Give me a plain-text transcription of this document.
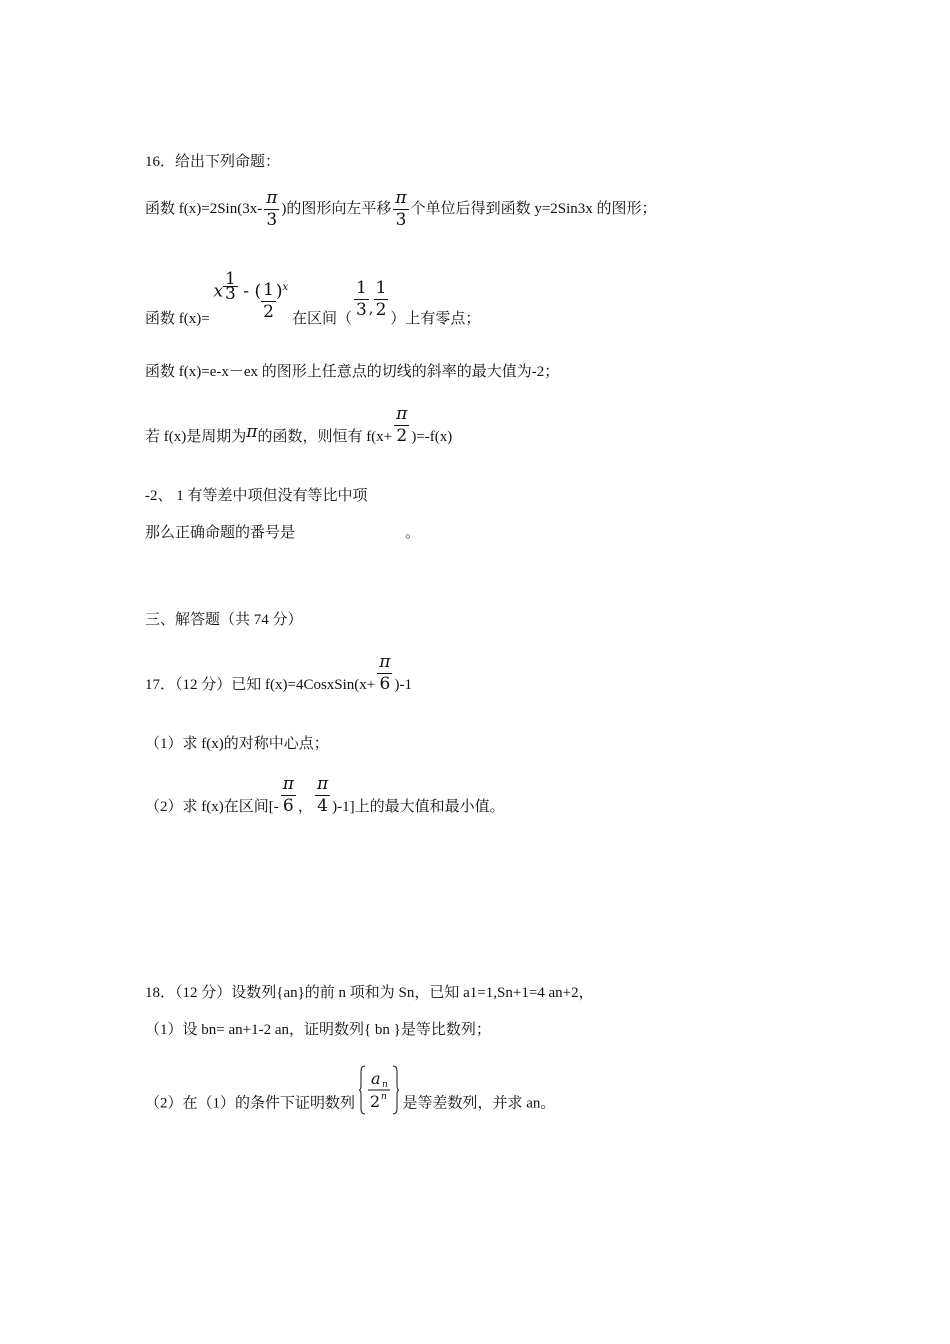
16．给出下列命题：
函数 $f(x)=2Sin(3x- \frac{\pi}{3}$ )的图形向左平移 $\frac{\pi}{3}$ 个单位后得到函数 y=2Sin3x 的图形；
函数 f(x)= x $\frac{1}{3}$ - ( $\frac{1}{2} )^x$ 在区间（ $\frac{1}{3}$ , $\frac{1}{2}$ ）上有零点；
函数 f(x)=e-x－ex 的图形上任意点的切线的斜率的最大值为-2；
若 f(x)是周期为π的函数，则恒有 $f(x+ \frac{\pi}{2} )=-f(x)$
-2、 1 有等差中项但没有等比中项
那么正确命题的番号是	。
三、解答题（共 74 分）
17．（12 分）已知 f(x)=4CosxSin(x+ $\frac{\pi}{6} )-1$
（1）求 f(x)的对称中心点；
（2）求 f(x)在区间[- $\frac{\pi}{6}$ ， $\frac{\pi}{4} )-1$]上的最大值和最小值。
18．（12 分）设数列{an}的前 n 项和为 Sn，已知 a1=1,Sn+1=4 an+2，
（1）设 bn= an+1-2 an，证明数列{ bn }是等比数列；
（2）在（1）的条件下证明数列
a n
2 n 是等差数列，并求 an。
